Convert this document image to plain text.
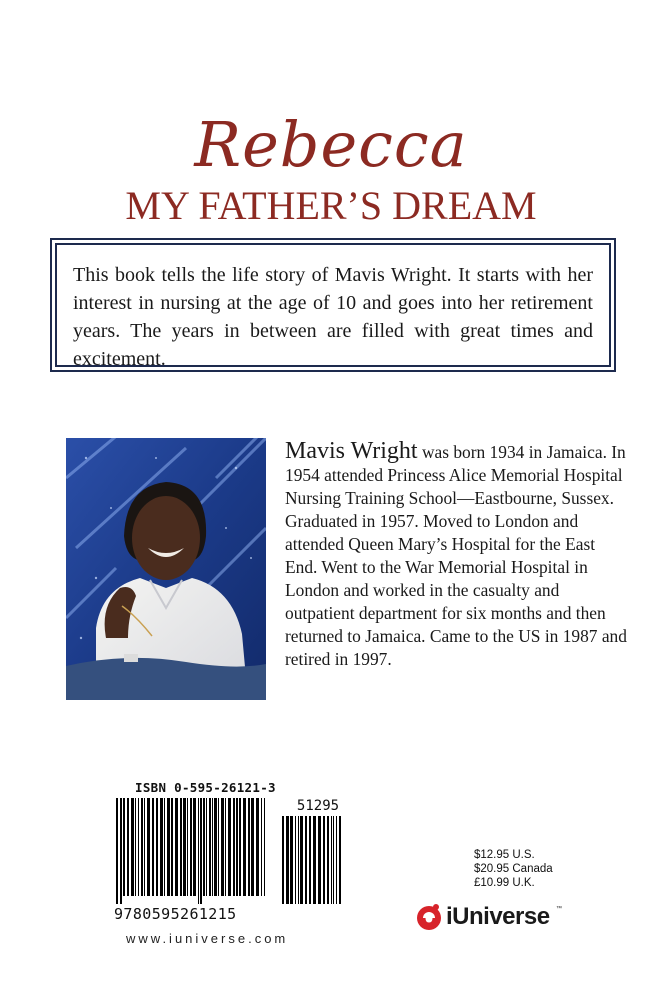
Rebecca
MY FATHER’S DREAM
This book tells the life story of Mavis Wright. It starts with her interest in nursing at the age of 10 and goes into her retirement years. The years in between are filled with great times and excitement.
Mavis Wright was born 1934 in Jamaica. In 1954 attended Princess Alice Memorial Hospital Nursing Training School—Eastbourne, Sussex. Graduated in 1957. Moved to London and attended Queen Mary’s Hospital for the East End. Went to the War Memorial Hospital in London and worked in the casualty and outpatient department for six months and then returned to Jamaica. Came to the US in 1987 and retired in 1997.
ISBN 0-595-26121-3
51295
9780595261215
www.iuniverse.com
$12.95 U.S.
$20.95 Canada
£10.99 U.K.
iUniverse ™
